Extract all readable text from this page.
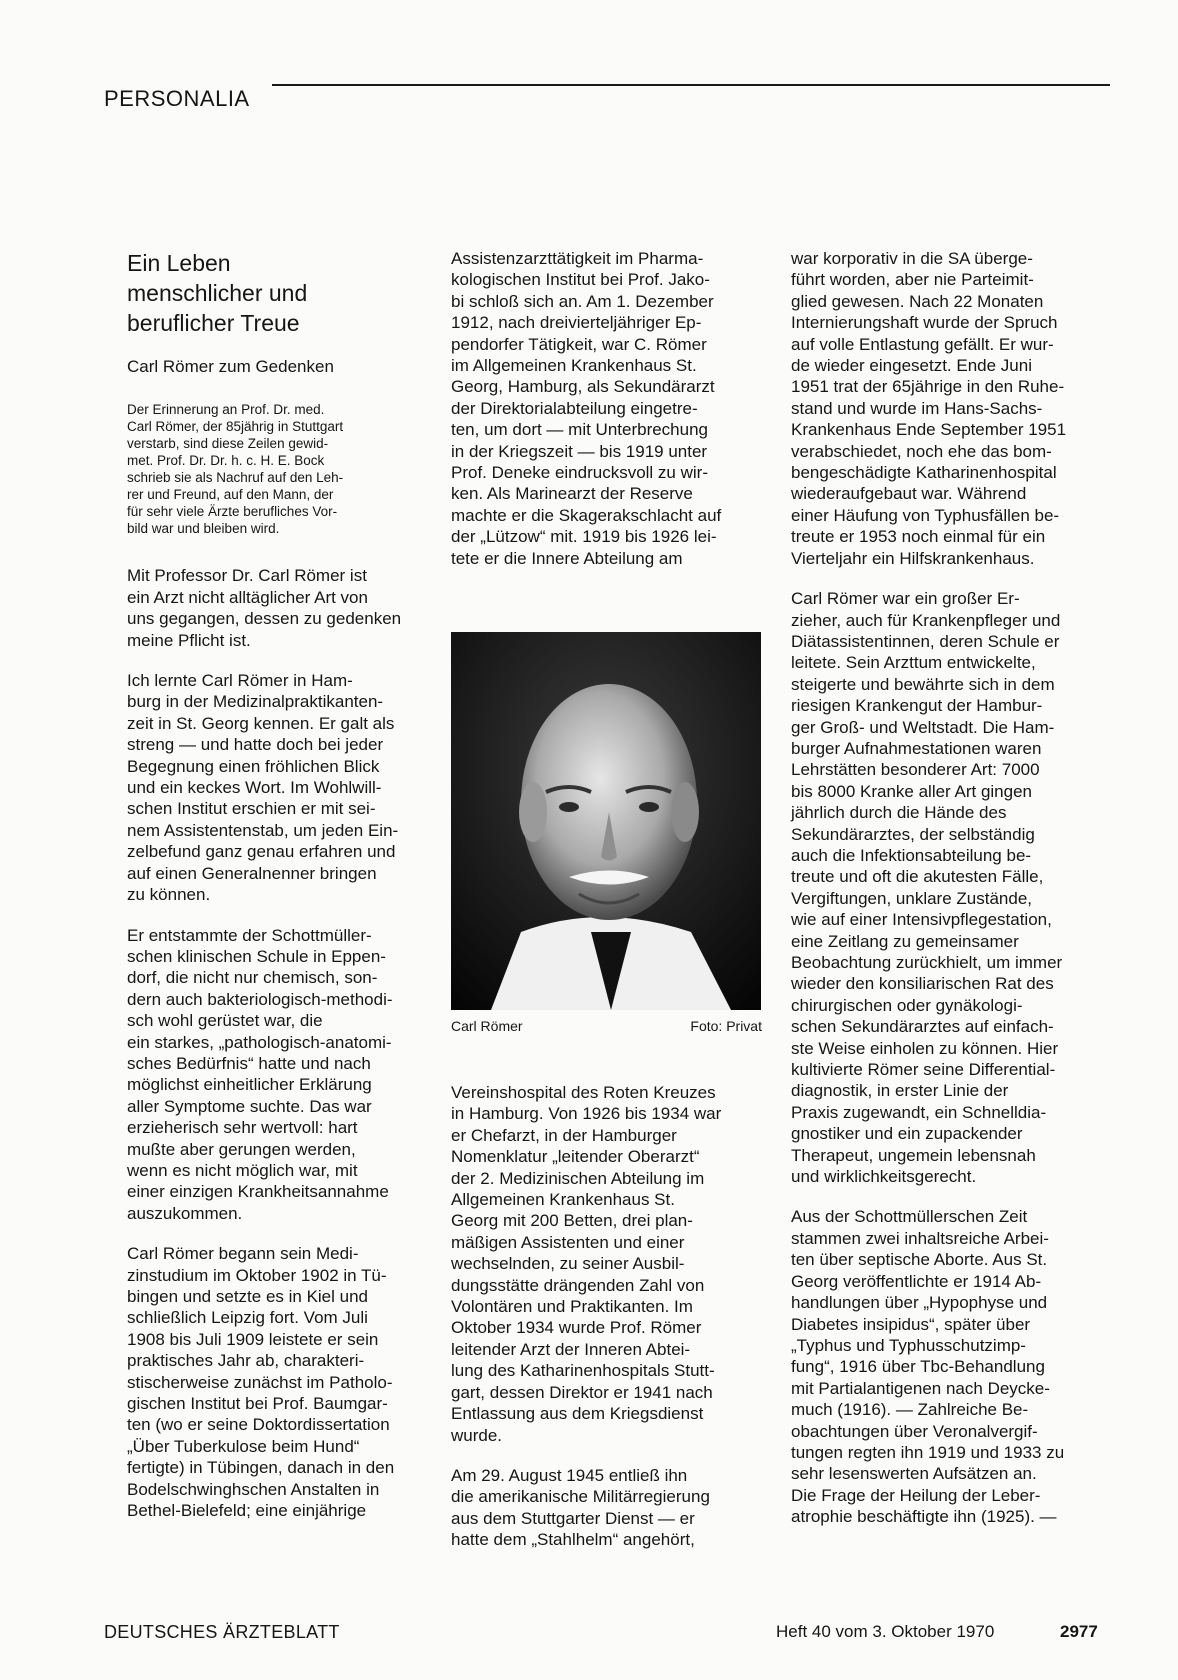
PERSONALIA
Ein Leben
menschlicher und
beruflicher Treue
Carl Römer zum Gedenken
Der Erinnerung an Prof. Dr. med.
Carl Römer, der 85jährig in Stuttgart
verstarb, sind diese Zeilen gewid-
met. Prof. Dr. Dr. h. c. H. E. Bock
schrieb sie als Nachruf auf den Leh-
rer und Freund, auf den Mann, der
für sehr viele Ärzte berufliches Vor-
bild war und bleiben wird.

Mit Professor Dr. Carl Römer ist
ein Arzt nicht alltäglicher Art von
uns gegangen, dessen zu gedenken
meine Pflicht ist.

Ich lernte Carl Römer in Ham-
burg in der Medizinalpraktikanten-
zeit in St. Georg kennen. Er galt als
streng — und hatte doch bei jeder
Begegnung einen fröhlichen Blick
und ein keckes Wort. Im Wohlwill-
schen Institut erschien er mit sei-
nem Assistentenstab, um jeden Ein-
zelbefund ganz genau erfahren und
auf einen Generalnenner bringen
zu können.

Er entstammte der Schottmüller-
schen klinischen Schule in Eppen-
dorf, die nicht nur chemisch, son-
dern auch bakteriologisch-methodi-
sch wohl gerüstet war, die
ein starkes, „pathologisch-anatomi-
sches Bedürfnis“ hatte und nach
möglichst einheitlicher Erklärung
aller Symptome suchte. Das war
erzieherisch sehr wertvoll: hart
mußte aber gerungen werden,
wenn es nicht möglich war, mit
einer einzigen Krankheitsannahme
auszukommen.

Carl Römer begann sein Medi-
zinstudium im Oktober 1902 in Tü-
bingen und setzte es in Kiel und
schließlich Leipzig fort. Vom Juli
1908 bis Juli 1909 leistete er sein
praktisches Jahr ab, charakteri-
stischerweise zunächst im Patholo-
gischen Institut bei Prof. Baumgar-
ten (wo er seine Doktordissertation
„Über Tuberkulose beim Hund“
fertigte) in Tübingen, danach in den
Bodelschwinghschen Anstalten in
Bethel-Bielefeld; eine einjährige

Assistenzarzttätigkeit im Pharma-
kologischen Institut bei Prof. Jako-
bi schloß sich an. Am 1. Dezember
1912, nach dreivierteljähriger Ep-
pendorfer Tätigkeit, war C. Römer
im Allgemeinen Krankenhaus St.
Georg, Hamburg, als Sekundärarzt
der Direktorialabteilung eingetre-
ten, um dort — mit Unterbrechung
in der Kriegszeit — bis 1919 unter
Prof. Deneke eindrucksvoll zu wir-
ken. Als Marinearzt der Reserve
machte er die Skagerakschlacht auf
der „Lützow“ mit. 1919 bis 1926 lei-
tete er die Innere Abteilung am

Carl Römer	Foto: Privat

Vereinshospital des Roten Kreuzes
in Hamburg. Von 1926 bis 1934 war
er Chefarzt, in der Hamburger
Nomenklatur „leitender Oberarzt“
der 2. Medizinischen Abteilung im
Allgemeinen Krankenhaus St.
Georg mit 200 Betten, drei plan-
mäßigen Assistenten und einer
wechselnden, zu seiner Ausbil-
dungsstätte drängenden Zahl von
Volontären und Praktikanten. Im
Oktober 1934 wurde Prof. Römer
leitender Arzt der Inneren Abtei-
lung des Katharinenhospitals Stutt-
gart, dessen Direktor er 1941 nach
Entlassung aus dem Kriegsdienst
wurde.

Am 29. August 1945 entließ ihn
die amerikanische Militärregierung
aus dem Stuttgarter Dienst — er
hatte dem „Stahlhelm“ angehört,

war korporativ in die SA überge-
führt worden, aber nie Parteimit-
glied gewesen. Nach 22 Monaten
Internierungshaft wurde der Spruch
auf volle Entlastung gefällt. Er wur-
de wieder eingesetzt. Ende Juni
1951 trat der 65jährige in den Ruhe-
stand und wurde im Hans-Sachs-
Krankenhaus Ende September 1951
verabschiedet, noch ehe das bom-
bengeschädigte Katharinenhospital
wiederaufgebaut war. Während
einer Häufung von Typhusfällen be-
treute er 1953 noch einmal für ein
Vierteljahr ein Hilfskrankenhaus.

Carl Römer war ein großer Er-
zieher, auch für Krankenpfleger und
Diätassistentinnen, deren Schule er
leitete. Sein Arzttum entwickelte,
steigerte und bewährte sich in dem
riesigen Krankengut der Hambur-
ger Groß- und Weltstadt. Die Ham-
burger Aufnahmestationen waren
Lehrstätten besonderer Art: 7000
bis 8000 Kranke aller Art gingen
jährlich durch die Hände des
Sekundärarztes, der selbständig
auch die Infektionsabteilung be-
treute und oft die akutesten Fälle,
Vergiftungen, unklare Zustände,
wie auf einer Intensivpflegestation,
eine Zeitlang zu gemeinsamer
Beobachtung zurückhielt, um immer
wieder den konsiliarischen Rat des
chirurgischen oder gynäkologi-
schen Sekundärarztes auf einfach-
ste Weise einholen zu können. Hier
kultivierte Römer seine Differential-
diagnostik, in erster Linie der
Praxis zugewandt, ein Schnelldia-
gnostiker und ein zupackender
Therapeut, ungemein lebensnah
und wirklichkeitsgerecht.

Aus der Schottmüllerschen Zeit
stammen zwei inhaltsreiche Arbei-
ten über septische Aborte. Aus St.
Georg veröffentlichte er 1914 Ab-
handlungen über „Hypophyse und
Diabetes insipidus“, später über
„Typhus und Typhusschutzimp-
fung“, 1916 über Tbc-Behandlung
mit Partialantigenen nach Deycke-
much (1916). — Zahlreiche Be-
obachtungen über Veronalvergif-
tungen regten ihn 1919 und 1933 zu
sehr lesenswerten Aufsätzen an.
Die Frage der Heilung der Leber-
atrophie beschäftigte ihn (1925). —

DEUTSCHES ÄRZTEBLATT	Heft 40 vom 3. Oktober 1970	2977
